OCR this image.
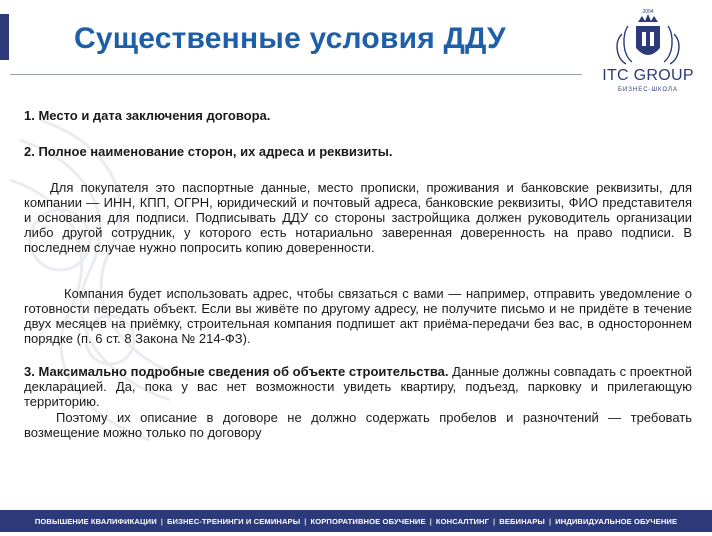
Существенные условия ДДУ
2004
ITC GROUP
БИЗНЕС-ШКОЛА

1. Место и дата заключения договора.

2. Полное наименование сторон, их адреса и реквизиты.

Для покупателя это паспортные данные, место прописки, проживания и банковские реквизиты, для компании — ИНН, КПП, ОГРН, юридический и почтовый адреса, банковские реквизиты, ФИО представителя и основания для подписи. Подписывать ДДУ со стороны застройщика должен руководитель организации либо другой сотрудник, у которого есть нотариально заверенная доверенность на право подписи. В последнем случае нужно попросить копию доверенности.

Компания будет использовать адрес, чтобы связаться с вами — например, отправить уведомление о готовности передать объект. Если вы живёте по другому адресу, не получите письмо и не придёте в течение двух месяцев на приёмку, строительная компания подпишет акт приёма-передачи без вас, в одностороннем порядке (п. 6 ст. 8 Закона № 214-ФЗ).

3. Максимально подробные сведения об объекте строительства. Данные должны совпадать с проектной декларацией. Да, пока у вас нет возможности увидеть квартиру, подъезд, парковку и прилегающую территорию.

Поэтому их описание в договоре не должно содержать пробелов и разночтений — требовать возмещение можно только по договору

ПОВЫШЕНИЕ КВАЛИФИКАЦИИ | БИЗНЕС-ТРЕНИНГИ И СЕМИНАРЫ | КОРПОРАТИВНОЕ ОБУЧЕНИЕ | КОНСАЛТИНГ | ВЕБИНАРЫ | ИНДИВИДУАЛЬНОЕ ОБУЧЕНИЕ
